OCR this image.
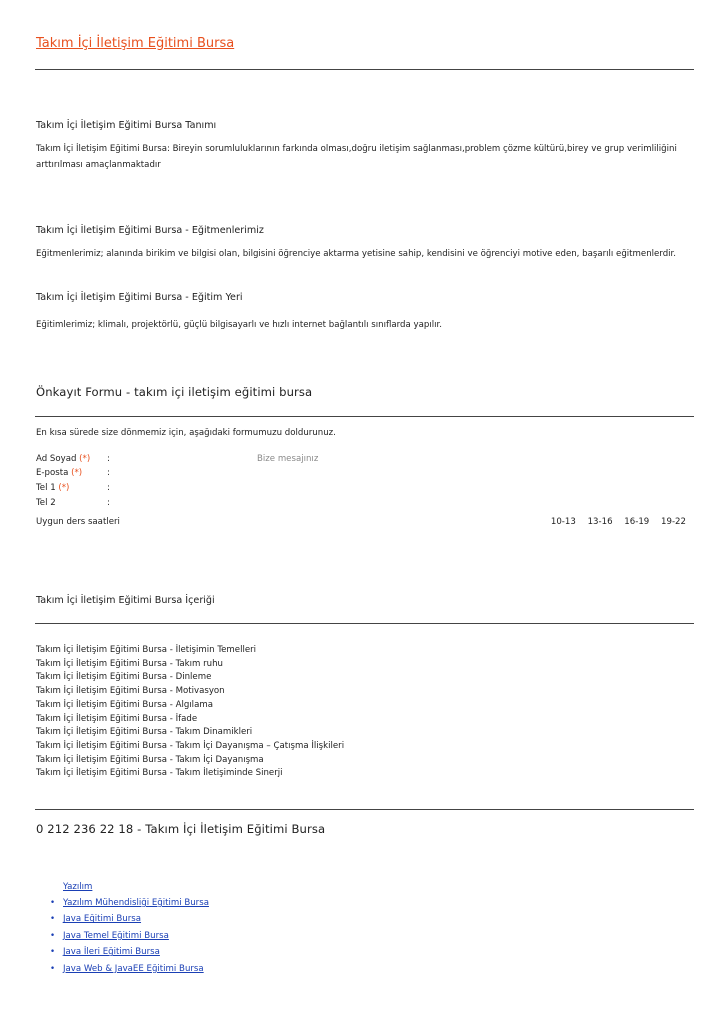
Takım İçi İletişim Eğitimi Bursa
Takım İçi İletişim Eğitimi Bursa Tanımı
Takım İçi İletişim Eğitimi Bursa: Bireyin sorumluluklarının farkında olması,doğru iletişim sağlanması,problem çözme kültürü,birey ve grup verimliliğini arttırılması amaçlanmaktadır
Takım İçi İletişim Eğitimi Bursa - Eğitmenlerimiz
Eğitmenlerimiz; alanında birikim ve bilgisi olan, bilgisini öğrenciye aktarma yetisine sahip, kendisini ve öğrenciyi motive eden, başarılı eğitmenlerdir.
Takım İçi İletişim Eğitimi Bursa - Eğitim Yeri
Eğitimlerimiz; klimalı, projektörlü, güçlü bilgisayarlı ve hızlı internet bağlantılı sınıflarda yapılır.
Önkayıt Formu - takım içi iletişim eğitimi bursa
En kısa sürede size dönmemiz için, aşağıdaki formumuzu doldurunuz.
Ad Soyad (*) :
E-posta (*)	:
Tel 1 (*)	:
Tel 2	:
Bize mesajınız
Uygun ders saatleri	10-13 13-16 16-19 19-22
Takım İçi İletişim Eğitimi Bursa İçeriği
Takım İçi İletişim Eğitimi Bursa - İletişimin Temelleri
Takım İçi İletişim Eğitimi Bursa - Takım ruhu
Takım İçi İletişim Eğitimi Bursa - Dinleme
Takım İçi İletişim Eğitimi Bursa - Motivasyon
Takım İçi İletişim Eğitimi Bursa - Algılama
Takım İçi İletişim Eğitimi Bursa - İfade
Takım İçi İletişim Eğitimi Bursa - Takım Dinamikleri
Takım İçi İletişim Eğitimi Bursa - Takım İçi Dayanışma – Çatışma İlişkileri
Takım İçi İletişim Eğitimi Bursa - Takım İçi Dayanışma
Takım İçi İletişim Eğitimi Bursa - Takım İletişiminde Sinerji
0 212 236 22 18 - Takım İçi İletişim Eğitimi Bursa
Yazılım
• Yazılım Mühendisliği Eğitimi Bursa
• Java Eğitimi Bursa
• Java Temel Eğitimi Bursa
• Java İleri Eğitimi Bursa
• Java Web & JavaEE Eğitimi Bursa
